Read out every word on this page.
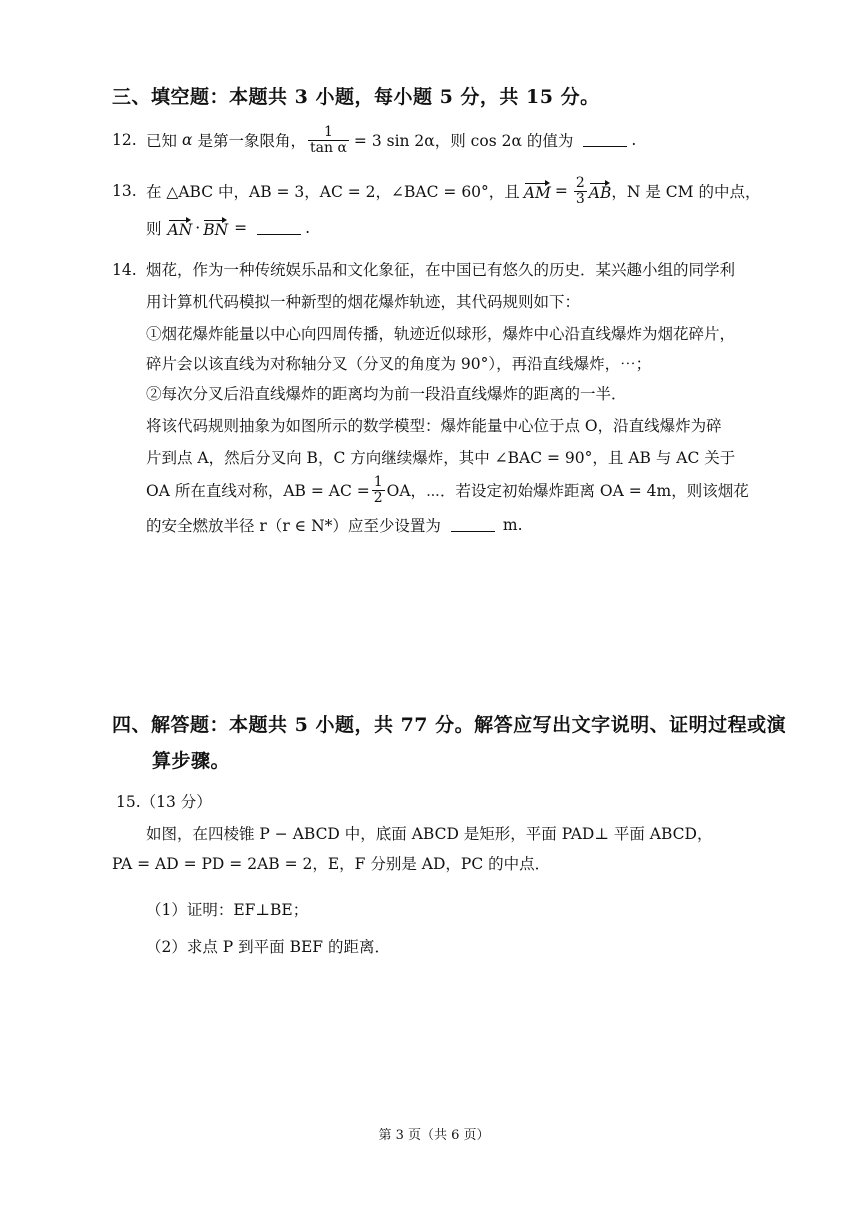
三、填空题：本题共 3 小题，每小题 5 分，共 15 分。
12. 已知 α 是第一象限角， $\frac{1}{\text{tan α}} = 3$ sin 2α，则 cos 2α 的值为	.
13. 在 △ABC 中，AB = 3，AC = 2，∠BAC = 60°，且 AM = $\frac{2}{3}$ AB ，N 是 CM 的中点，
则 AN · BN =	.
14. 烟花，作为一种传统娱乐品和文化象征，在中国已有悠久的历史．某兴趣小组的同学利
用计算机代码模拟一种新型的烟花爆炸轨迹，其代码规则如下：
①烟花爆炸能量以中心向四周传播，轨迹近似球形，爆炸中心沿直线爆炸为烟花碎片，
碎片会以该直线为对称轴分叉（分叉的角度为 90°），再沿直线爆炸，⋯；
②每次分叉后沿直线爆炸的距离均为前一段沿直线爆炸的距离的一半．
将该代码规则抽象为如图所示的数学模型：爆炸能量中心位于点 O，沿直线爆炸为碎
片到点 A，然后分叉向 B，C 方向继续爆炸，其中 ∠BAC = 90°，且 AB 与 AC 关于
OA 所在直线对称，AB = AC = $\frac{1}{2}$ OA，⋯．若设定初始爆炸距离 OA = 4m，则该烟花
的安全燃放半径 r（r ∈ N*）应至少设置为	m.
四、解答题：本题共 5 小题，共 77 分。解答应写出文字说明、证明过程或演
算步骤。
15.（13 分）
如图，在四棱锥 P − ABCD 中，底面 ABCD 是矩形，平面 PAD⊥ 平面 ABCD，
PA = AD = PD = 2AB = 2，E，F 分别是 AD，PC 的中点．
（1）证明：EF⊥BE；
（2）求点 P 到平面 BEF 的距离．
第 3 页（共 6 页）
